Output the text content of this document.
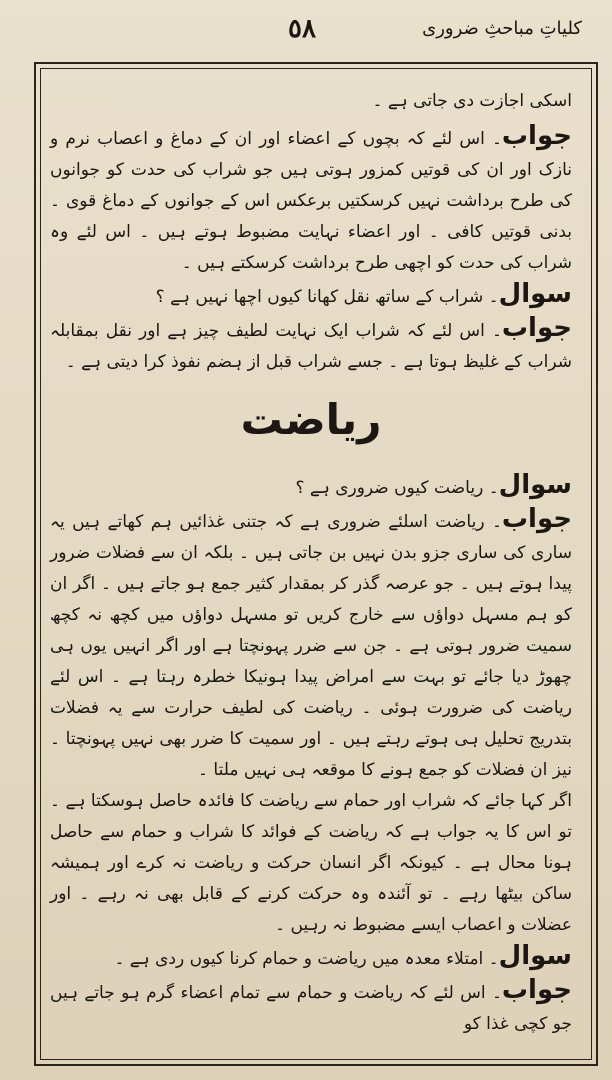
٥٨	کلیاتِ مباحثِ ضروری

اسکی اجازت دی جاتی ہے ۔

جواب۔ اس لئے کہ بچوں کے اعضاء اور ان کے دماغ و اعصاب نرم و نازک اور ان کی قوتیں کمزور ہوتی ہیں جو شراب کی حدت کو جوانوں کی طرح برداشت نہیں کرسکتیں برعکس اس کے جوانوں کے دماغ قوی ۔ بدنی قوتیں کافی ۔ اور اعضاء نہایت مضبوط ہوتے ہیں ۔ اس لئے وہ شراب کی حدت کو اچھی طرح برداشت کرسکتے ہیں ۔

سوال۔ شراب کے ساتھ نقل کھانا کیوں اچھا نہیں ہے ؟

جواب۔ اس لئے کہ شراب ایک نہایت لطیف چیز ہے اور نقل بمقابلہ شراب کے غلیظ ہوتا ہے ۔ جسے شراب قبل از ہضم نفوذ کرا دیتی ہے ۔

ریاضت

سوال۔ ریاضت کیوں ضروری ہے ؟

جواب۔ ریاضت اسلئے ضروری ہے کہ جتنی غذائیں ہم کھاتے ہیں یہ ساری کی ساری جزو بدن نہیں بن جاتی ہیں ۔ بلکہ ان سے فضلات ضرور پیدا ہوتے ہیں ۔ جو عرصہ گذر کر بمقدار کثیر جمع ہو جاتے ہیں ۔ اگر ان کو ہم مسہل دواؤں سے خارج کریں تو مسہل دواؤں میں کچھ نہ کچھ سمیت ضرور ہوتی ہے ۔ جن سے ضرر پہونچتا ہے اور اگر انہیں یوں ہی چھوڑ دیا جائے تو بہت سے امراض پیدا ہونیکا خطرہ رہتا ہے ۔ اس لئے ریاضت کی ضرورت ہوئی ۔ ریاضت کی لطیف حرارت سے یہ فضلات بتدریج تحلیل ہی ہوتے رہتے ہیں ۔ اور سمیت کا ضرر بھی نہیں پہونچتا ۔ نیز ان فضلات کو جمع ہونے کا موقعہ ہی نہیں ملتا ۔

اگر کہا جائے کہ شراب اور حمام سے ریاضت کا فائدہ حاصل ہوسکتا ہے ۔ تو اس کا یہ جواب ہے کہ ریاضت کے فوائد کا شراب و حمام سے حاصل ہونا محال ہے ۔ کیونکہ اگر انسان حرکت و ریاضت نہ کرے اور ہمیشہ ساکن بیٹھا رہے ۔ تو آئندہ وہ حرکت کرنے کے قابل بھی نہ رہے ۔ اور عضلات و اعصاب ایسے مضبوط نہ رہیں ۔

سوال۔ امتلاء معدہ میں ریاضت و حمام کرنا کیوں ردی ہے ۔

جواب۔ اس لئے کہ ریاضت و حمام سے تمام اعضاء گرم ہو جاتے ہیں جو کچی غذا کو
